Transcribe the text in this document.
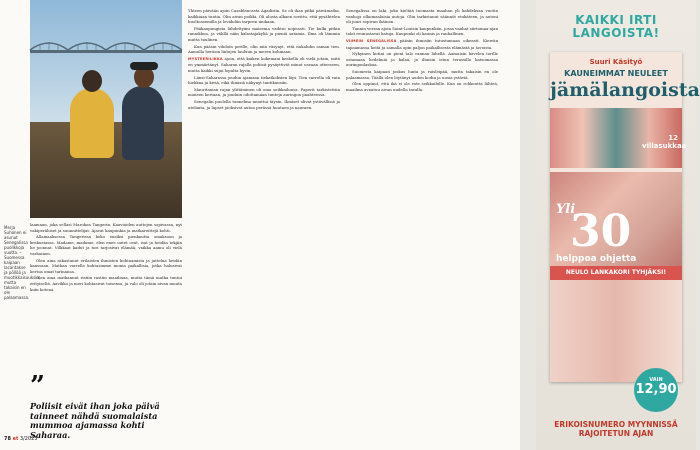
Merja Suhonen ei asunut Senegalissa puolikkoja vuotta. – Suomessa kaipaan lacantakse ja pöllöä ja muotikkaisuuksia, mutta takaisin en ole palaamassa.

laamaan, joka sellasi Marokon Tangerin. Kaavioiden auttojen sopivassa, nyt vakiperähiset ja suunnittelijat. Ajavat kaupunkia ja matkareittejä kohti.

Allamaaksessa Tangerissa koko ensiksi pienkautta omaksoon ja keskustassa. Madame, madame, elen enee uutet ovat, isat ja heidän tekjiin he joonnat. Vilkkaat kadut ja tori tarjosivat elämää, vaikka aamu oli vielä varhainen.

Olen aina rakastanut erilaisten ihmisten kohtaamista ja juttelua heidän kanssaan. Matkan varrella kohtasimme monia paikallisia, jotka halusivat kertoa omat tarinansa.

Olen aina matkannut ristiin rastiin maailmaa, mutta tämä matka tuntui erityiseltä. Aavikko ja meri kohtasivat toisensa, ja valo oli jotain aivan muuta kuin kotona.

”
Poliisit eivät ihan joka päivä tainneet nähdä suomalaista mummoa ajamassa kohti Saharaa.

Yhteen päivään ajoin Casablancasta Agadiriin. Se oli ihan pitkä päivämatka, kaikkiaan tuntia. Olin aivan poikki. Oli alusta alkaen sovittu, että pysähtelen huoltoasemilla ja levähdän tarpeen mukaan.

Pääkaupungista lähdettyäni maisema vaihtui nopeasti. Tie kulki pitkin rannikkoa, ja välillä näin kalastajakyliä ja pieniä satamia. Ilma oli lämmin mutta tuulinen.

Kun pääsin vihdoin perille, olin niin väsynyt, että nukahdin saman tien. Aamulla heräsin lintujen lauluun ja meren kohinaan.

MYSTEERILIKKA ajoin, että kaiken kokemani keskellä oli vielä jotain, mitä en ymmärtänyt. Saharan rajalla poliisit pysäyttivät minut useaan otteeseen, mutta kaikki sujui lopulta hyvin.

Länsi-Saharassa joudun ajamaan tiekatkoksien läpi. Tien varrella oli vain hiekkaa ja kiviä, eikä ihmisiä näkynyt tuntikausiin.

Mauritanian rajan ylittäminen oli oma seikkailunsa. Paperit tarkistettiin moneen kertaan, ja jouduin odottamaan tunteja auringon paahteessa.

Senegalin puolella tunnelma muuttui täysin. Ihmiset olivat ystävällisiä ja uteliaita, ja lapset juoksivat auton perässä huutaen ja nauraen.

Senegalissa on laki, joka kieltää tuomasta maahan yli kahdeksan vuotta vanhoja ulkomaalaisia autoja. Olin tarkistanut säännöt etukäteen, ja autoni oli juuri sopivan ikäinen.

Tunnin verran ajoin Saint-Louisin kaupunkiin, jossa vanhat siirtomaa-ajan talot reunustavat katuja. Kaupunki oli kaunis ja rauhallinen.

VIIMEIN SENEGALISSA pääsin ihmisiin tutustumaan oikeasti. Kierrän tapaamassa heitä ja samalla opin paljon paikallisesta elämästä ja tavoista.

Nykyinen kotini on pieni talo rannan lähellä. Aamuisin kävelen torille ostamaan hedelmiä ja kalaa, ja iltaisin istun terassilla katsomassa auringonlaskua.

Suomesta kaipaan joskus lunta ja ruisleipää, mutta takaisin en ole palaamassa. Täällä olen löytänyt uuden kodin ja uusia ystäviä.

Olen oppinut, että ikä ei ole este seikkailulle. Kun on rohkeutta lähteä, maailma avautuu aivan uudella tavalla.

78 et 3/2025
KAIKKI IRTI LANGOISTA!
Suuri Käsityö
KAUNEIMMAT NEULEET
jämälangoista
12 villasukkaa
Yli
30
helppoa ohjetta
NEULO LANKAKORI TYHJÄKSI!
VAIN
12,90
ERIKOISNUMERO MYYNNISSÄ RAJOITETUN AJAN
